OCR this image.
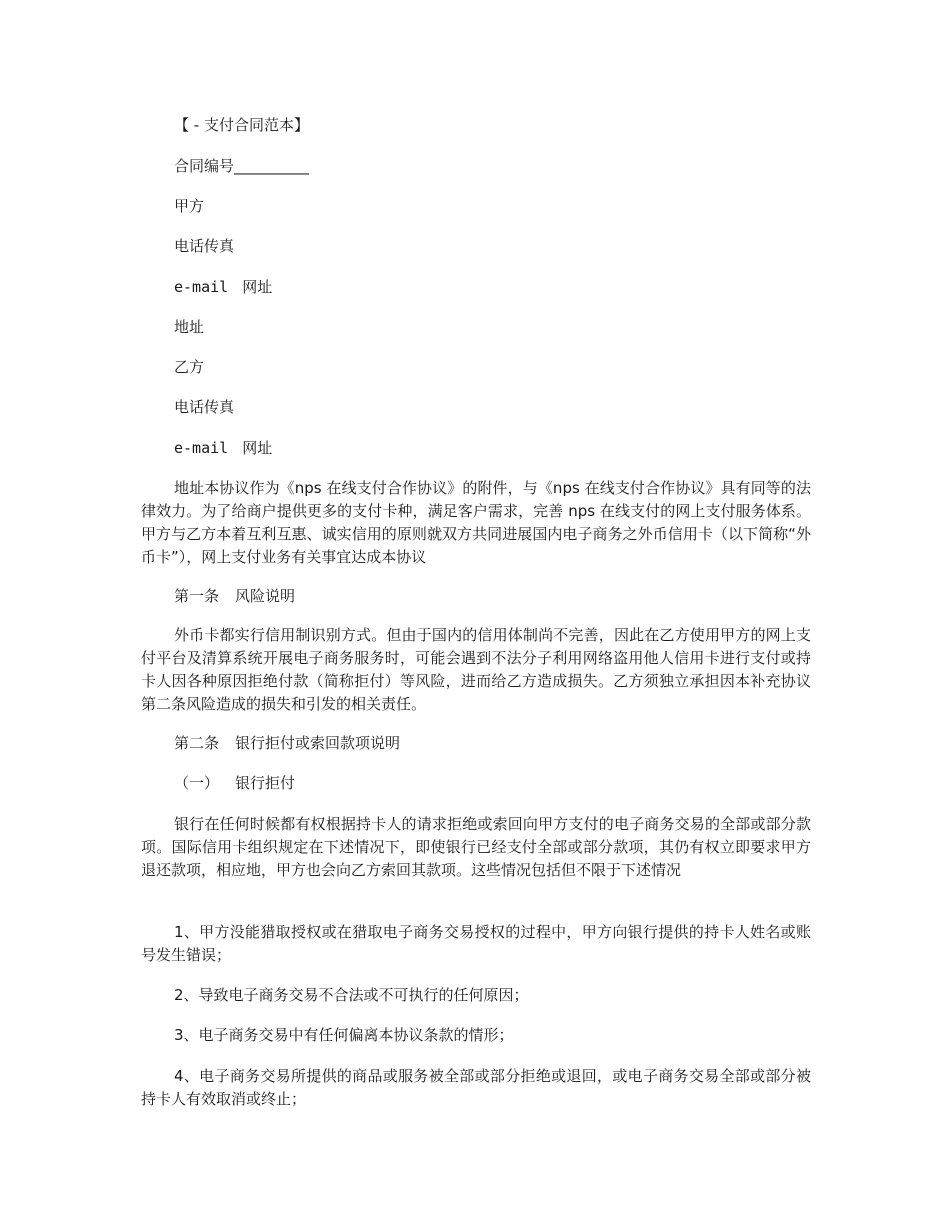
【 - 支付合同范本】
合同编号__________
甲方
电话传真
e-mail 网址
地址
乙方
电话传真
e-mail 网址

地址本协议作为《nps 在线支付合作协议》的附件，与《nps 在线支付合作协议》具有同等的法律效力。为了给商户提供更多的支付卡种，满足客户需求，完善 nps 在线支付的网上支付服务体系。甲方与乙方本着互利互惠、诚实信用的原则就双方共同进展国内电子商务之外币信用卡（以下简称“外币卡”），网上支付业务有关事宜达成本协议

第一条 风险说明

外币卡都实行信用制识别方式。但由于国内的信用体制尚不完善，因此在乙方使用甲方的网上支付平台及清算系统开展电子商务服务时，可能会遇到不法分子利用网络盗用他人信用卡进行支付或持卡人因各种原因拒绝付款（简称拒付）等风险，进而给乙方造成损失。乙方须独立承担因本补充协议第二条风险造成的损失和引发的相关责任。

第二条 银行拒付或索回款项说明
（一） 银行拒付

银行在任何时候都有权根据持卡人的请求拒绝或索回向甲方支付的电子商务交易的全部或部分款项。国际信用卡组织规定在下述情况下，即使银行已经支付全部或部分款项，其仍有权立即要求甲方退还款项，相应地，甲方也会向乙方索回其款项。这些情况包括但不限于下述情况

1、甲方没能猎取授权或在猎取电子商务交易授权的过程中，甲方向银行提供的持卡人姓名或账号发生错误；

2、导致电子商务交易不合法或不可执行的任何原因；

3、电子商务交易中有任何偏离本协议条款的情形；

4、电子商务交易所提供的商品或服务被全部或部分拒绝或退回，或电子商务交易全部或部分被持卡人有效取消或终止；
